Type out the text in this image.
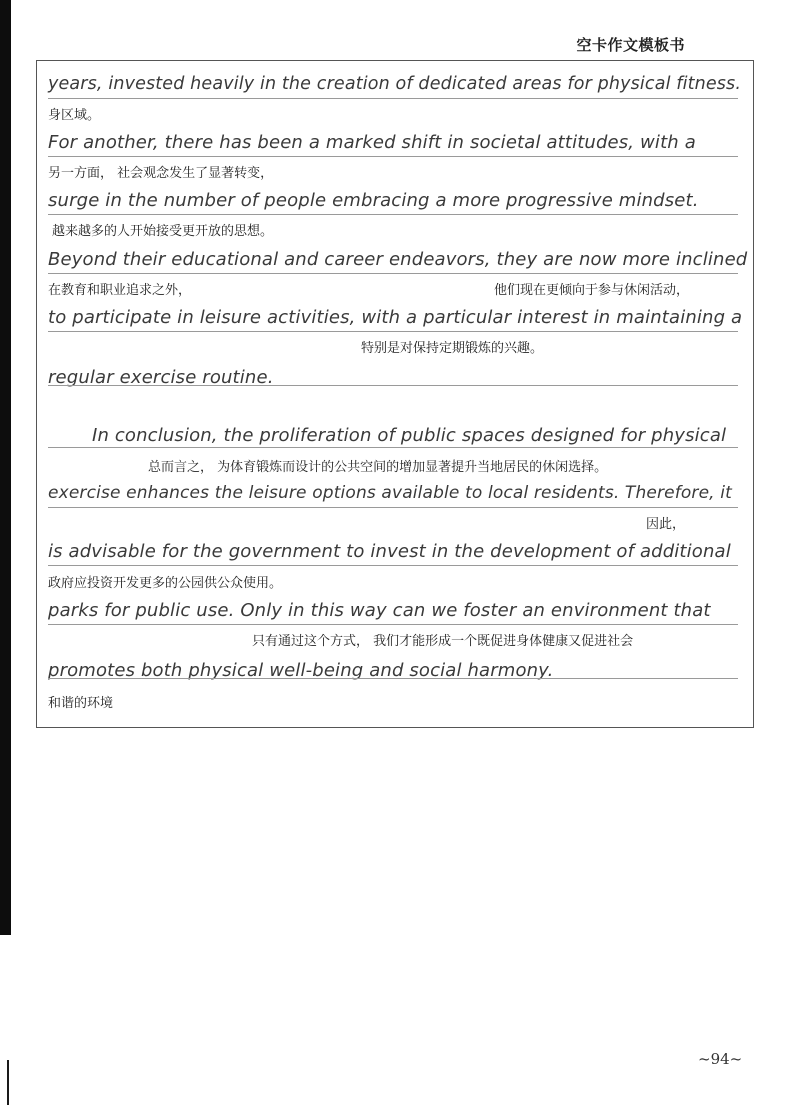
空卡作文模板书
years, invested heavily in the creation of dedicated areas for physical fitness.
身区域。
For another, there has been a marked shift in societal attitudes, with a
另一方面， 社会观念发生了显著转变，
surge in the number of people embracing a more progressive mindset.
越来越多的人开始接受更开放的思想。
Beyond their educational and career endeavors, they are now more inclined
在教育和职业追求之外，	他们现在更倾向于参与休闲活动，
to participate in leisure activities, with a particular interest in maintaining a
特别是对保持定期锻炼的兴趣。
regular exercise routine.
In conclusion, the proliferation of public spaces designed for physical
总而言之， 为体育锻炼而设计的公共空间的增加显著提升当地居民的休闲选择。
exercise enhances the leisure options available to local residents. Therefore, it
因此，
is advisable for the government to invest in the development of additional
政府应投资开发更多的公园供公众使用。
parks for public use. Only in this way can we foster an environment that
只有通过这个方式， 我们才能形成一个既促进身体健康又促进社会
promotes both physical well-being and social harmony.
和谐的环境
~94~
